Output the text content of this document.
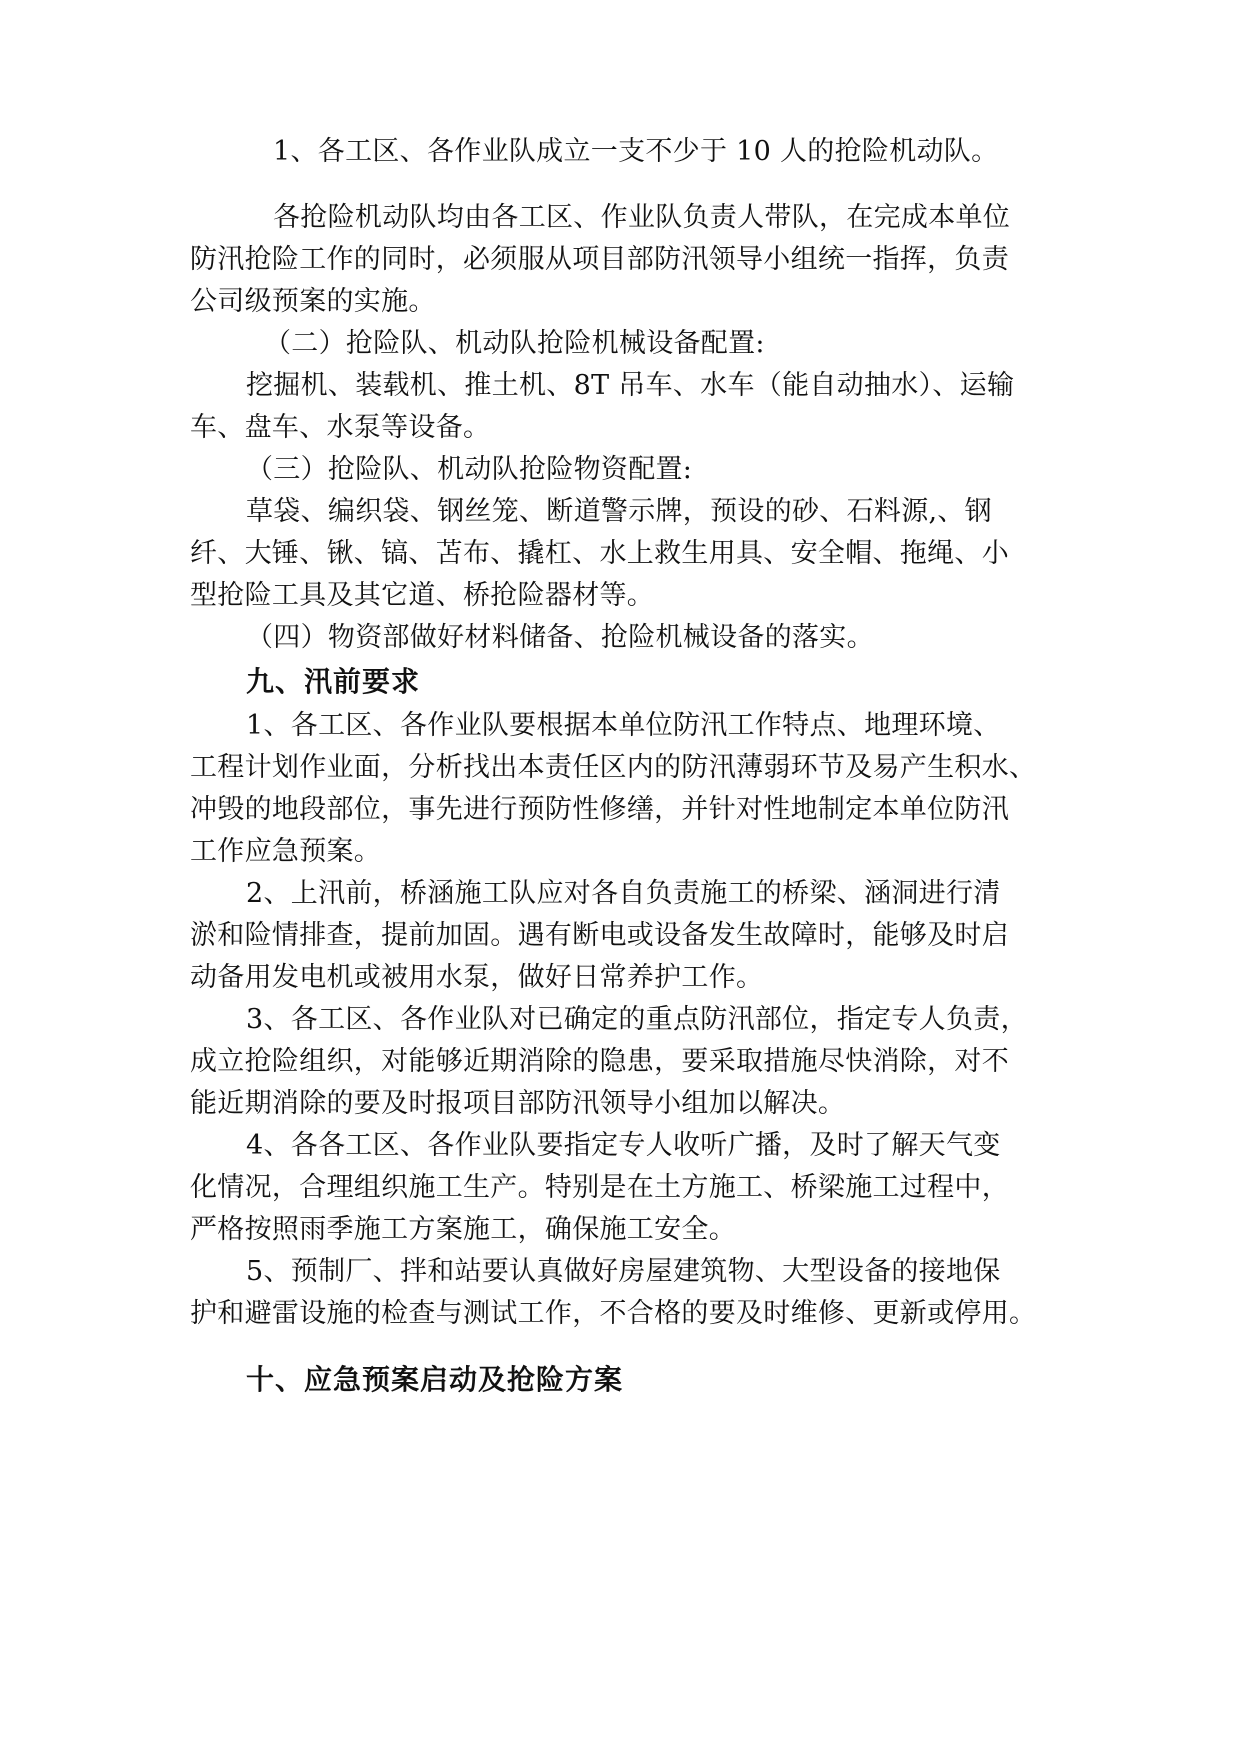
1、各工区、各作业队成立一支不少于 10 人的抢险机动队。
各抢险机动队均由各工区、作业队负责人带队，在完成本单位
防汛抢险工作的同时，必须服从项目部防汛领导小组统一指挥，负责
公司级预案的实施。
（二）抢险队、机动队抢险机械设备配置:
挖掘机、装载机、推土机、8T 吊车、水车（能自动抽水）、运输
车、盘车、水泵等设备。
（三）抢险队、机动队抢险物资配置:
草袋、编织袋、钢丝笼、断道警示牌，预设的砂、石料源,、钢
纤、大锤、锹、镐、苫布、撬杠、水上救生用具、安全帽、拖绳、小
型抢险工具及其它道、桥抢险器材等。
（四）物资部做好材料储备、抢险机械设备的落实。
九、汛前要求
1、各工区、各作业队要根据本单位防汛工作特点、地理环境、
工程计划作业面，分析找出本责任区内的防汛薄弱环节及易产生积水、
冲毁的地段部位，事先进行预防性修缮，并针对性地制定本单位防汛
工作应急预案。
2、上汛前，桥涵施工队应对各自负责施工的桥梁、涵洞进行清
淤和险情排查，提前加固。遇有断电或设备发生故障时，能够及时启
动备用发电机或被用水泵，做好日常养护工作。
3、各工区、各作业队对已确定的重点防汛部位，指定专人负责，
成立抢险组织，对能够近期消除的隐患，要采取措施尽快消除，对不
能近期消除的要及时报项目部防汛领导小组加以解决。
4、各各工区、各作业队要指定专人收听广播，及时了解天气变
化情况，合理组织施工生产。特别是在土方施工、桥梁施工过程中，
严格按照雨季施工方案施工，确保施工安全。
5、预制厂、拌和站要认真做好房屋建筑物、大型设备的接地保
护和避雷设施的检查与测试工作，不合格的要及时维修、更新或停用。
十、应急预案启动及抢险方案
